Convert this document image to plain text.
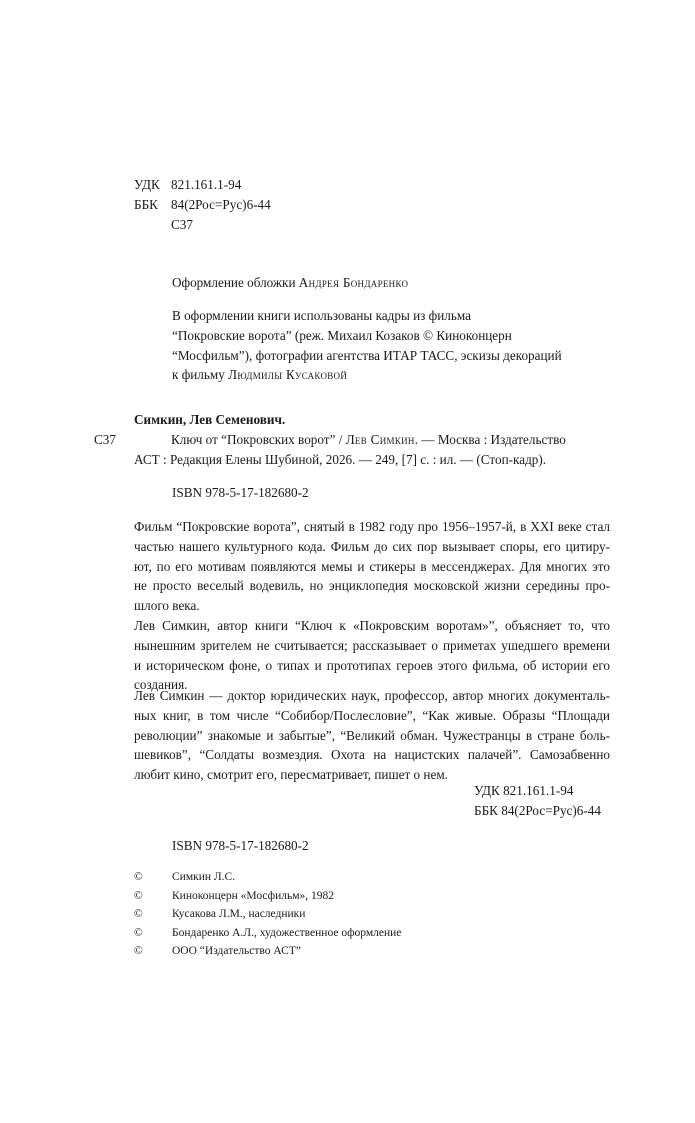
УДК 821.161.1-94
ББК 84(2Рос=Рус)6-44
С37
Оформление обложки Андрея Бондаренко
В оформлении книги использованы кадры из фильма
“Покровские ворота” (реж. Михаил Козаков © Киноконцерн
“Мосфильм”), фотографии агентства ИТАР ТАСС, эскизы декораций
к фильму Людмилы Кусаковой
Симкин, Лев Семенович.
С37	Ключ от “Покровских ворот” / Лев Симкин. — Москва : Издательство
АСТ : Редакция Елены Шубиной, 2026. — 249, [7] с. : ил. — (Стоп-кадр).
ISBN 978-5-17-182680-2

Фильм “Покровские ворота”, снятый в 1982 году про 1956–1957-й, в XXI веке стал
частью нашего культурного кода. Фильм до сих пор вызывает споры, его цитиру-
ют, по его мотивам появляются мемы и стикеры в мессенджерах. Для многих это
не просто веселый водевиль, но энциклопедия московской жизни середины про-
шлого века.

Лев Симкин, автор книги “Ключ к «Покровским воротам»”, объясняет то, что
нынешним зрителем не считывается; рассказывает о приметах ушедшего времени
и историческом фоне, о типах и прототипах героев этого фильма, об истории его
создания.

Лев Симкин — доктор юридических наук, профессор, автор многих документаль-
ных книг, в том числе “Собибор/Послесловие”, “Как живые. Образы “Площади
революции” знакомые и забытые”, “Великий обман. Чужестранцы в стране боль-
шевиков”, “Солдаты возмездия. Охота на нацистских палачей”. Самозабвенно
любит кино, смотрит его, пересматривает, пишет о нем.

УДК 821.161.1-94
ББК 84(2Рос=Рус)6-44
ISBN 978-5-17-182680-2
©	Симкин Л.С.
©	Киноконцерн «Мосфильм», 1982
©	Кусакова Л.М., наследники
©	Бондаренко А.Л., художественное оформление
©	ООО “Издательство АСТ”
